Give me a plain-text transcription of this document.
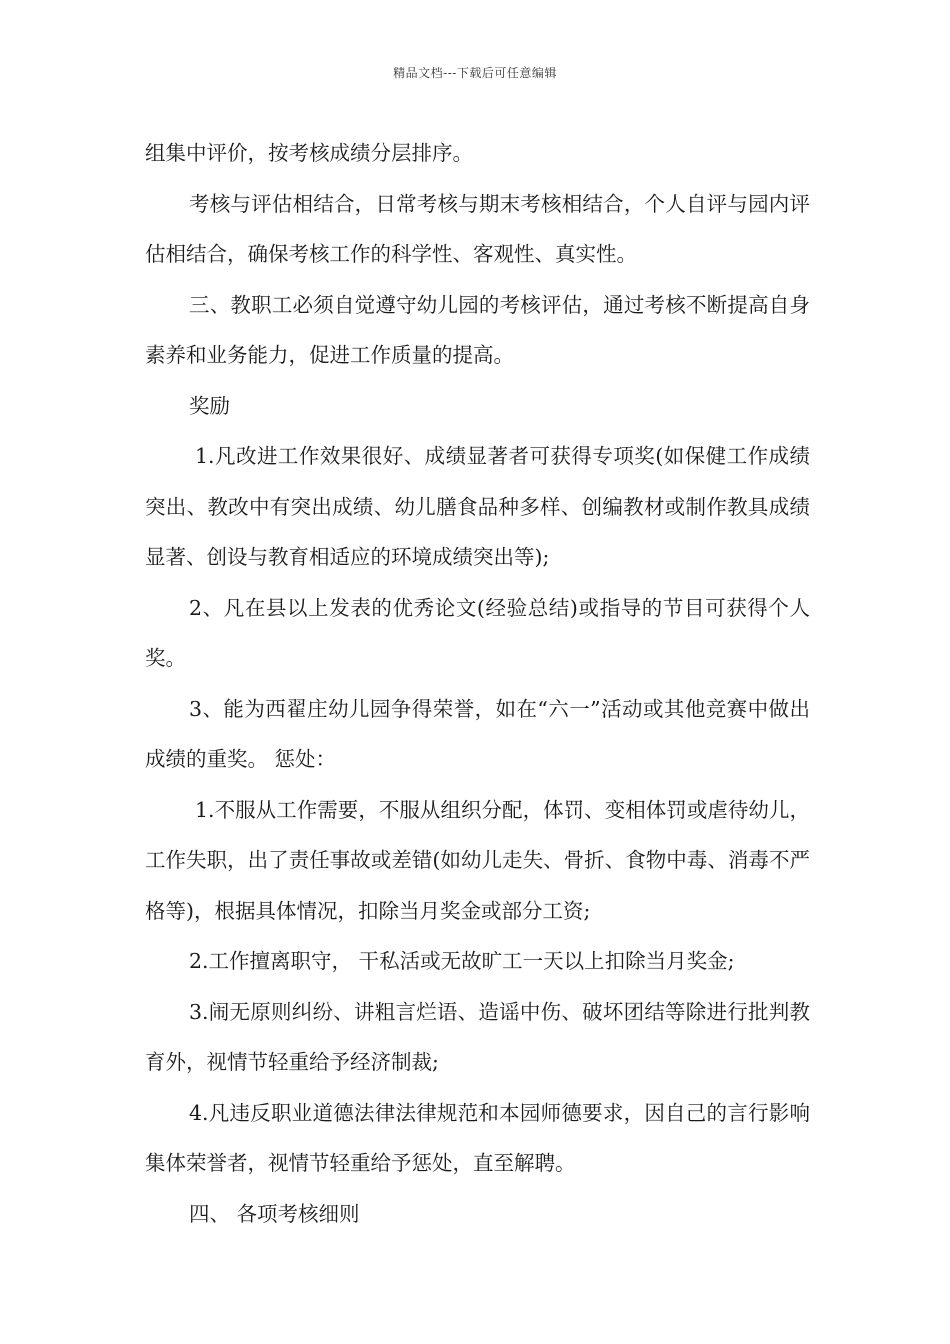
精品文档---下载后可任意编辑

组集中评价，按考核成绩分层排序。

考核与评估相结合，日常考核与期末考核相结合，个人自评与园内评估相结合，确保考核工作的科学性、客观性、真实性。

三、教职工必须自觉遵守幼儿园的考核评估，通过考核不断提高自身素养和业务能力，促进工作质量的提高。

奖励

1.凡改进工作效果很好、成绩显著者可获得专项奖(如保健工作成绩突出、教改中有突出成绩、幼儿膳食品种多样、创编教材或制作教具成绩显著、创设与教育相适应的环境成绩突出等);

2、凡在县以上发表的优秀论文(经验总结)或指导的节目可获得个人奖。

3、能为西翟庄幼儿园争得荣誉，如在“六一”活动或其他竞赛中做出成绩的重奖。 惩处：

1.不服从工作需要，不服从组织分配，体罚、变相体罚或虐待幼儿， 工作失职，出了责任事故或差错(如幼儿走失、骨折、食物中毒、消毒不严格等)，根据具体情况，扣除当月奖金或部分工资;

2.工作擅离职守， 干私活或无故旷工一天以上扣除当月奖金;

3.闹无原则纠纷、讲粗言烂语、造谣中伤、破坏团结等除进行批判教育外，视情节轻重给予经济制裁;

4.凡违反职业道德法律法律规范和本园师德要求，因自己的言行影响集体荣誉者，视情节轻重给予惩处，直至解聘。

四、 各项考核细则
